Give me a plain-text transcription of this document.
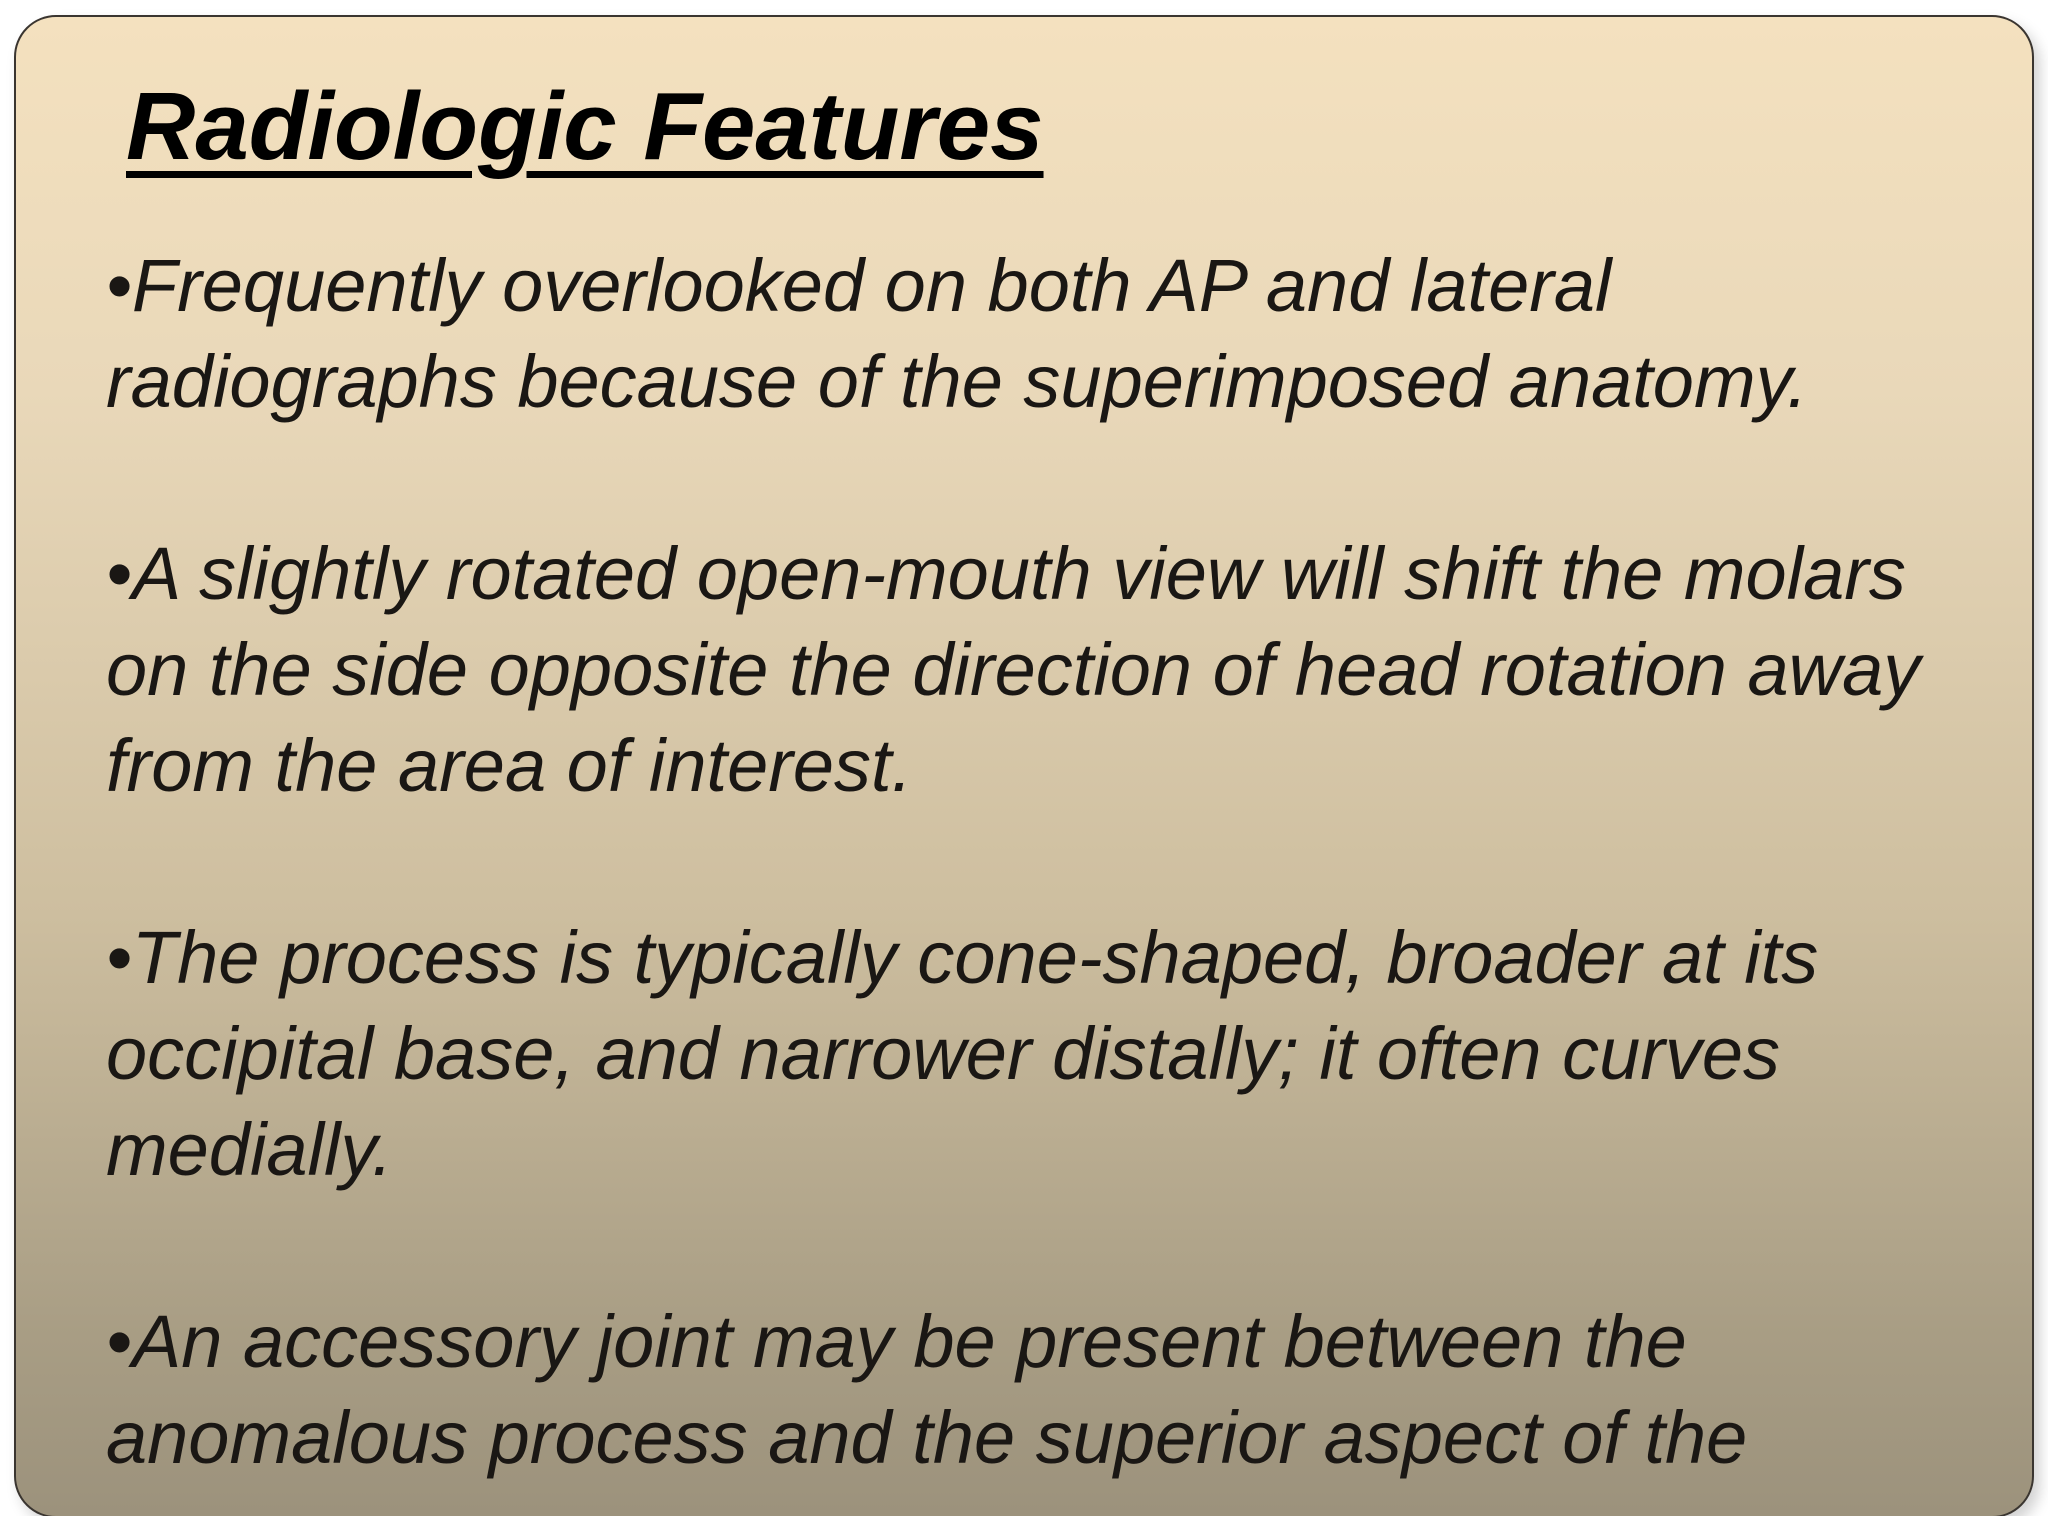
Radiologic Features
•Frequently overlooked on both AP and lateral radiographs because of the superimposed anatomy.
•A slightly rotated open-mouth view will shift the molars on the side opposite the direction of head rotation away from the area of interest.
•The process is typically cone-shaped, broader at its occipital base, and narrower distally; it often curves medially.
•An accessory joint may be present between the anomalous process and the superior aspect of the
